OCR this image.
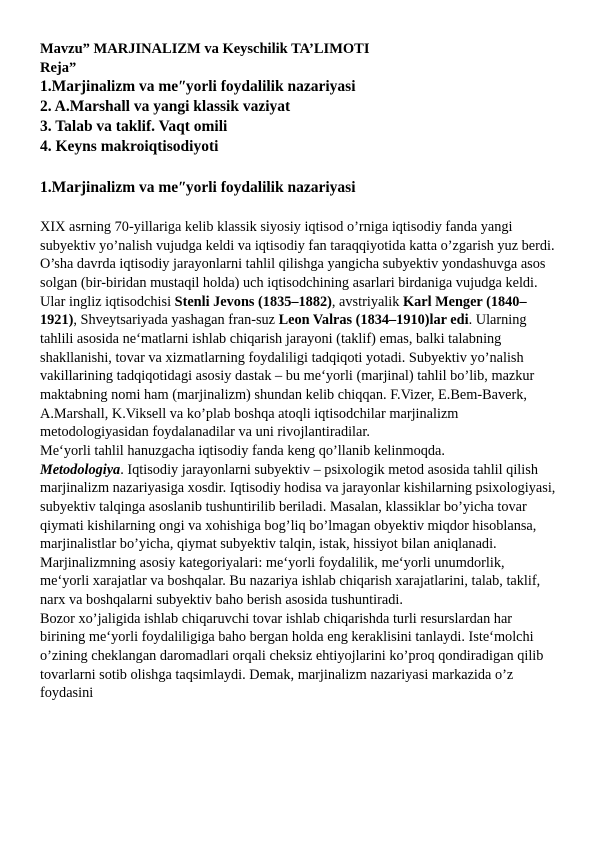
Mavzu” MARJINALIZM va Keyschilik TA’LIMOTI
Reja”
1.Marjinalizm va meʺyorli foydalilik nazariyasi
2. A.Marshall va yangi klassik vaziyat
3. Talab va taklif. Vaqt omili
4. Keyns makroiqtisodiyoti
1.Marjinalizm va meʺyorli foydalilik nazariyasi

XIX asrning 70-yillariga kelib klassik siyosiy iqtisod o’rniga iqtisodiy fanda yangi subyektiv yo’nalish vujudga keldi va iqtisodiy fan taraqqiyotida katta o’zgarish yuz berdi. O’sha davrda iqtisodiy jarayonlarni tahlil qilishga yangicha subyektiv yondashuvga asos solgan (bir-biridan mustaqil holda) uch iqtisodchining asarlari birdaniga vujudga keldi. Ular ingliz iqtisodchisi Stenli Jevons (1835–1882), avstriyalik Karl Menger (1840–1921), Shveytsariyada yashagan fran-suz Leon Valras (1834–1910)lar edi. Ularning tahlili asosida ne‘matlarni ishlab chiqarish jarayoni (taklif) emas, balki talabning shakllanishi, tovar va xizmatlarning foydaliligi tadqiqoti yotadi. Subyektiv yo’nalish vakillarining tadqiqotidagi asosiy dastak – bu me‘yorli (marjinal) tahlil bo’lib, mazkur maktabning nomi ham (marjinalizm) shundan kelib chiqqan. F.Vizer, E.Bem-Baverk, A.Marshall, K.Viksell va ko’plab boshqa atoqli iqtisodchilar marjinalizm metodologiyasidan foydalanadilar va uni rivojlantiradilar.

Me‘yorli tahlil hanuzgacha iqtisodiy fanda keng qo’llanib kelinmoqda.

Metodologiya. Iqtisodiy jarayonlarni subyektiv – psixologik metod asosida tahlil qilish marjinalizm nazariyasiga xosdir. Iqtisodiy hodisa va jarayonlar kishilarning psixologiyasi, subyektiv talqinga asoslanib tushuntirilib beriladi. Masalan, klassiklar bo’yicha tovar qiymati kishilarning ongi va xohishiga bog’liq bo’lmagan obyektiv miqdor hisoblansa, marjinalistlar bo’yicha, qiymat subyektiv talqin, istak, hissiyot bilan aniqlanadi. Marjinalizmning asosiy kategoriyalari: me‘yorli foydalilik, me‘yorli unumdorlik, me‘yorli xarajatlar va boshqalar. Bu nazariya ishlab chiqarish xarajatlarini, talab, taklif, narx va boshqalarni subyektiv baho berish asosida tushuntiradi.

Bozor xo’jaligida ishlab chiqaruvchi tovar ishlab chiqarishda turli resurslardan har birining me‘yorli foydaliligiga baho bergan holda eng keraklisini tanlaydi. Iste‘molchi o’zining cheklangan daromadlari orqali cheksiz ehtiyojlarini ko’proq qondiradigan qilib tovarlarni sotib olishga taqsimlaydi. Demak, marjinalizm nazariyasi markazida o’z foydasini
